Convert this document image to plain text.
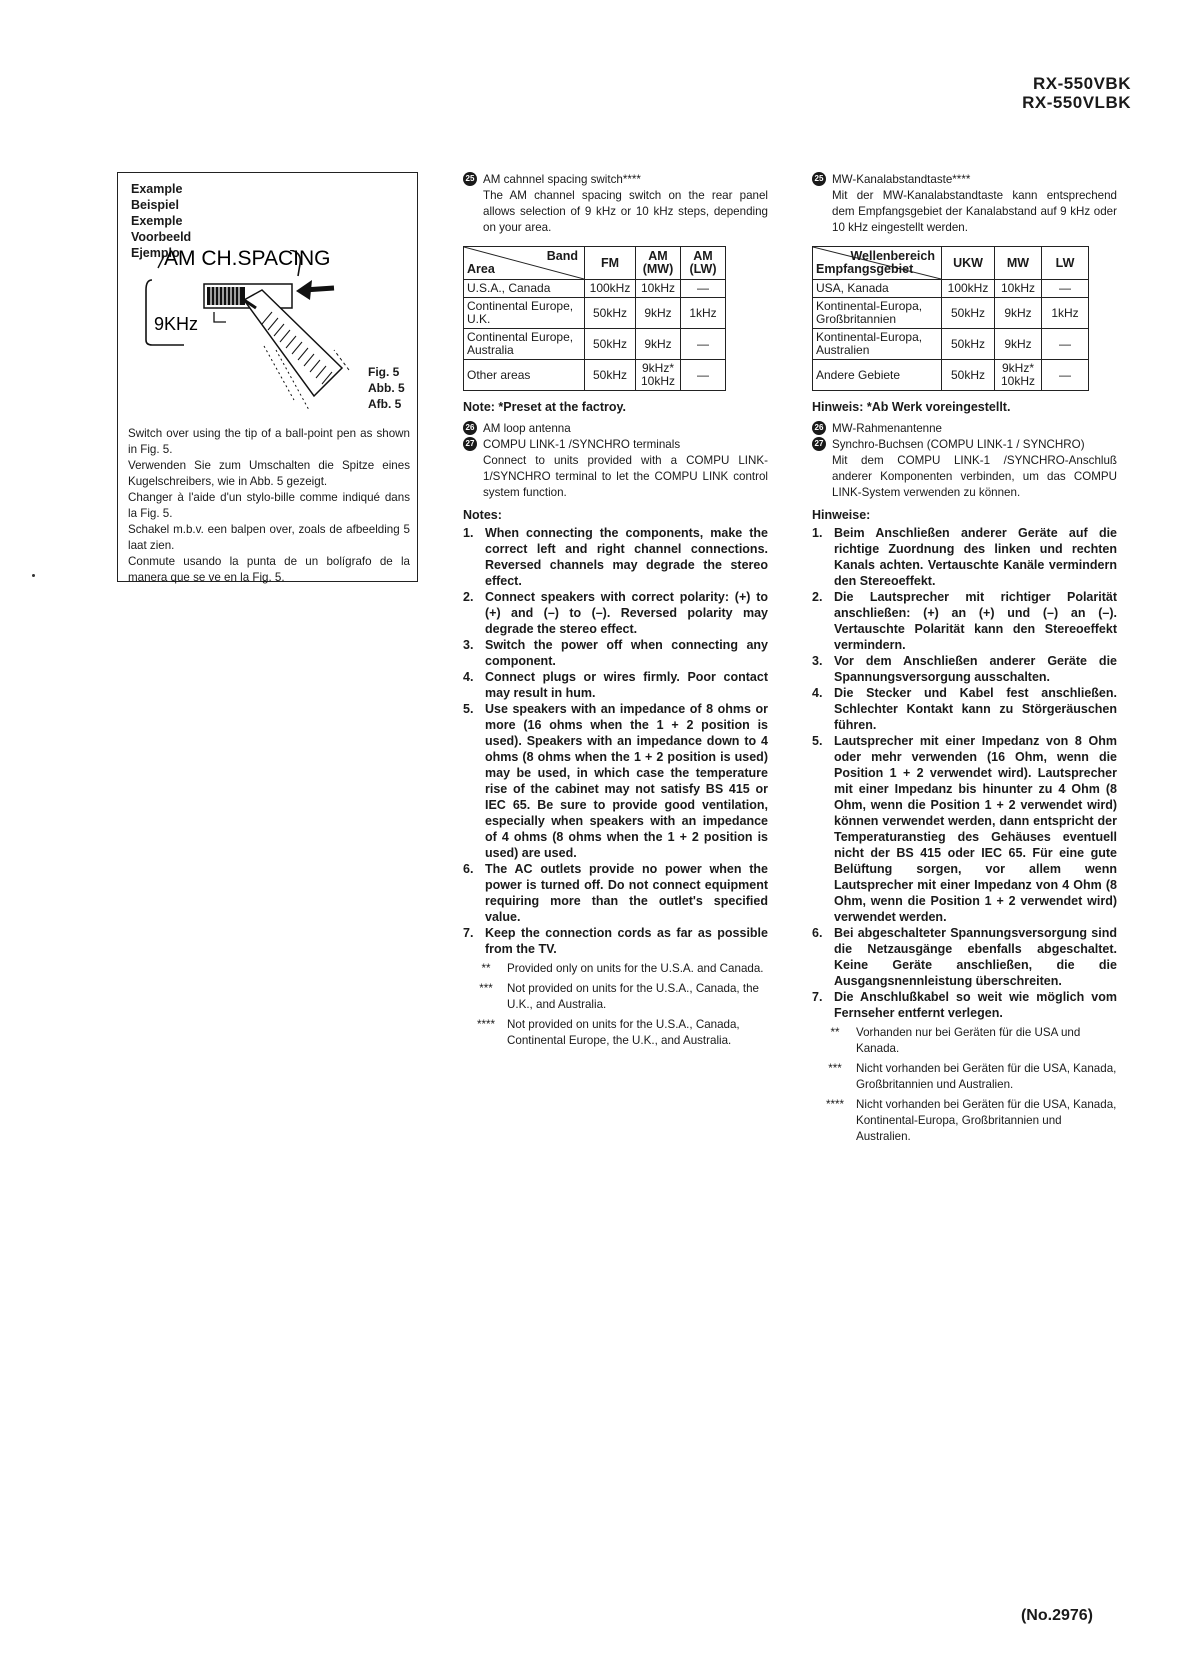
RX-550VBK
RX-550VLBK
Example
Beispiel
Exemple
Voorbeeld
Ejemplo
AM CH.SPACING
9KHz
Fig. 5
Abb. 5
Afb. 5

Switch over using the tip of a ball-point pen as shown in Fig. 5.

Verwenden Sie zum Umschalten die Spitze eines Kugelschreibers, wie in Abb. 5 gezeigt.

Changer à l'aide d'un stylo-bille comme indiqué dans la Fig. 5.

Schakel m.b.v. een balpen over, zoals de afbeelding 5 laat zien.

Conmute usando la punta de un bolígrafo de la manera que se ve en la Fig. 5.

25 AM cahnnel spacing switch****
The AM channel spacing switch on the rear panel allows selection of 9 kHz or 10 kHz steps, depending on your area.
Band
Area	FM	AM (MW)	AM (LW)
U.S.A., Canada	100kHz	10kHz	—
Continental Europe, U.K.	50kHz	9kHz	1kHz
Continental Europe, Australia	50kHz	9kHz	—
Other areas	50kHz	9kHz* 10kHz	—
Note: *Preset at the factroy.
26 AM loop antenna
27 COMPU LINK-1 /SYNCHRO terminals
Connect to units provided with a COMPU LINK-1/SYNCHRO terminal to let the COMPU LINK control system function.
Notes:
1. When connecting the components, make the correct left and right channel connections. Reversed channels may degrade the stereo effect.
2. Connect speakers with correct polarity: (+) to (+) and (–) to (–). Reversed polarity may degrade the stereo effect.
3. Switch the power off when connecting any component.
4. Connect plugs or wires firmly. Poor contact may result in hum.
5. Use speakers with an impedance of 8 ohms or more (16 ohms when the 1 + 2 position is used). Speakers with an impedance down to 4 ohms (8 ohms when the 1 + 2 position is used) may be used, in which case the temperature rise of the cabinet may not satisfy BS 415 or IEC 65. Be sure to provide good ventilation, especially when speakers with an impedance of 4 ohms (8 ohms when the 1 + 2 position is used) are used.
6. The AC outlets provide no power when the power is turned off. Do not connect equipment requiring more than the outlet's specified value.
7. Keep the connection cords as far as possible from the TV.
**	Provided only on units for the U.S.A. and Canada.
***	Not provided on units for the U.S.A., Canada, the U.K., and Australia.
****	Not provided on units for the U.S.A., Canada, Continental Europe, the U.K., and Australia.
25 MW-Kanalabstandtaste****
Mit der MW-Kanalabstandtaste kann entsprechend dem Empfangsgebiet der Kanalabstand auf 9 kHz oder 10 kHz eingestellt werden.
Wellenbereich
Empfangsgebiet	UKW	MW	LW
USA, Kanada	100kHz	10kHz	—
Kontinental-Europa, Großbritannien	50kHz	9kHz	1kHz
Kontinental-Europa, Australien	50kHz	9kHz	—
Andere Gebiete	50kHz	9kHz* 10kHz	—
Hinweis: *Ab Werk voreingestellt.
26 MW-Rahmenantenne
27 Synchro-Buchsen (COMPU LINK-1 / SYNCHRO)
Mit dem COMPU LINK-1 /SYNCHRO-Anschluß anderer Komponenten verbinden, um das COMPU LINK-System verwenden zu können.
Hinweise:
1. Beim Anschließen anderer Geräte auf die richtige Zuordnung des linken und rechten Kanals achten. Vertauschte Kanäle vermindern den Stereoeffekt.
2. Die Lautsprecher mit richtiger Polarität anschließen: (+) an (+) und (–) an (–). Vertauschte Polarität kann den Stereoeffekt vermindern.
3. Vor dem Anschließen anderer Geräte die Spannungsversorgung ausschalten.
4. Die Stecker und Kabel fest anschließen. Schlechter Kontakt kann zu Störgeräuschen führen.
5. Lautsprecher mit einer Impedanz von 8 Ohm oder mehr verwenden (16 Ohm, wenn die Position 1 + 2 verwendet wird). Lautsprecher mit einer Impedanz bis hinunter zu 4 Ohm (8 Ohm, wenn die Position 1 + 2 verwendet wird) können verwendet werden, dann entspricht der Temperaturanstieg des Gehäuses eventuell nicht der BS 415 oder IEC 65. Für eine gute Belüftung sorgen, vor allem wenn Lautsprecher mit einer Impedanz von 4 Ohm (8 Ohm, wenn die Position 1 + 2 verwendet wird) verwendet werden.
6. Bei abgeschalteter Spannungsversorgung sind die Netzausgänge ebenfalls abgeschaltet. Keine Geräte anschließen, die die Ausgangsnennleistung überschreiten.
7. Die Anschlußkabel so weit wie möglich vom Fernseher entfernt verlegen.
**	Vorhanden nur bei Geräten für die USA und Kanada.
***	Nicht vorhanden bei Geräten für die USA, Kanada, Großbritannien und Australien.
****	Nicht vorhanden bei Geräten für die USA, Kanada, Kontinental-Europa, Großbritannien und Australien.
(No.2976)
